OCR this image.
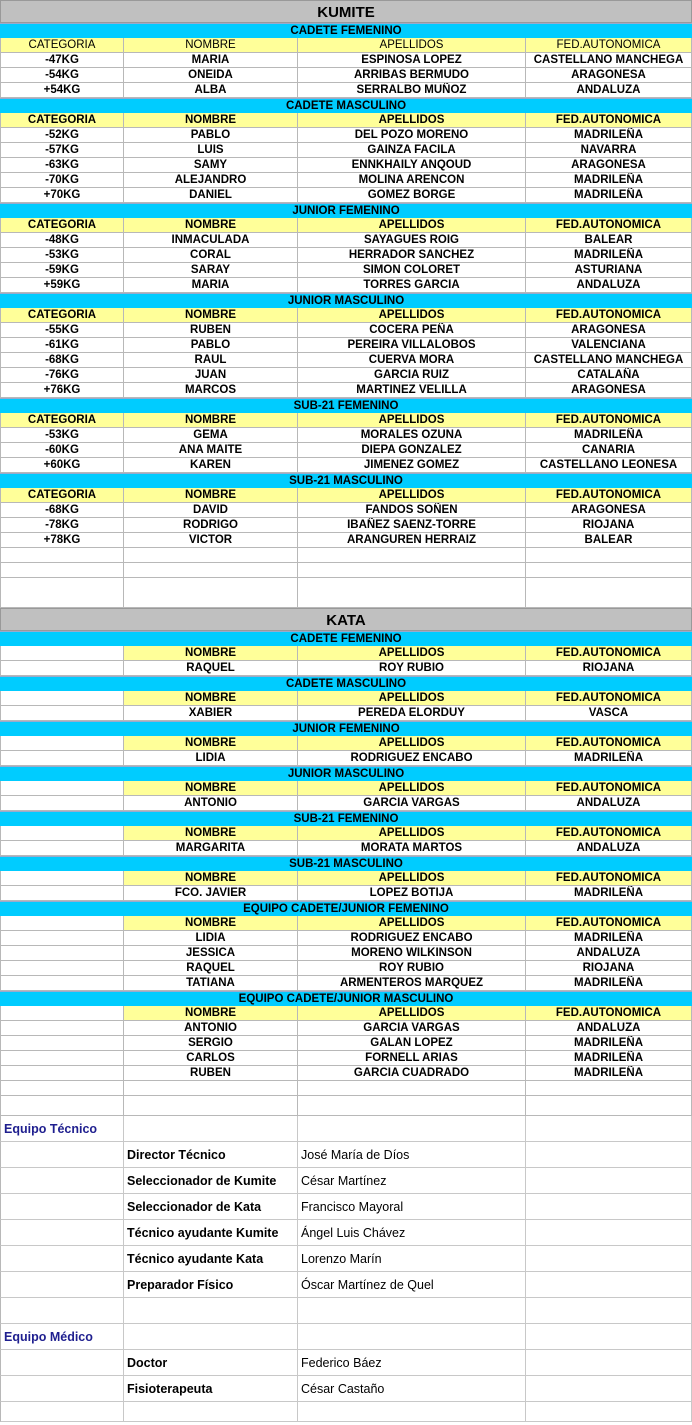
KUMITE
CADETE FEMENINO
CATEGORIA	NOMBRE	APELLIDOS	FED.AUTONOMICA
-47KG	MARIA	ESPINOSA LOPEZ	CASTELLANO MANCHEGA
-54KG	ONEIDA	ARRIBAS BERMUDO	ARAGONESA
+54KG	ALBA	SERRALBO MUÑOZ	ANDALUZA
CADETE MASCULINO
CATEGORIA	NOMBRE	APELLIDOS	FED.AUTONOMICA
-52KG	PABLO	DEL POZO MORENO	MADRILEÑA
-57KG	LUIS	GAINZA FACILA	NAVARRA
-63KG	SAMY	ENNKHAILY ANQOUD	ARAGONESA
-70KG	ALEJANDRO	MOLINA ARENCON	MADRILEÑA
+70KG	DANIEL	GOMEZ BORGE	MADRILEÑA
JUNIOR FEMENINO
CATEGORIA	NOMBRE	APELLIDOS	FED.AUTONOMICA
-48KG	INMACULADA	SAYAGUES ROIG	BALEAR
-53KG	CORAL	HERRADOR SANCHEZ	MADRILEÑA
-59KG	SARAY	SIMON COLORET	ASTURIANA
+59KG	MARIA	TORRES GARCIA	ANDALUZA
JUNIOR MASCULINO
CATEGORIA	NOMBRE	APELLIDOS	FED.AUTONOMICA
-55KG	RUBEN	COCERA PEÑA	ARAGONESA
-61KG	PABLO	PEREIRA VILLALOBOS	VALENCIANA
-68KG	RAUL	CUERVA MORA	CASTELLANO MANCHEGA
-76KG	JUAN	GARCIA RUIZ	CATALAÑA
+76KG	MARCOS	MARTINEZ VELILLA	ARAGONESA
SUB-21 FEMENINO
CATEGORIA	NOMBRE	APELLIDOS	FED.AUTONOMICA
-53KG	GEMA	MORALES OZUNA	MADRILEÑA
-60KG	ANA MAITE	DIEPA GONZALEZ	CANARIA
+60KG	KAREN	JIMENEZ GOMEZ	CASTELLANO LEONESA
SUB-21 MASCULINO
CATEGORIA	NOMBRE	APELLIDOS	FED.AUTONOMICA
-68KG	DAVID	FANDOS SOÑEN	ARAGONESA
-78KG	RODRIGO	IBAÑEZ SAENZ-TORRE	RIOJANA
+78KG	VICTOR	ARANGUREN HERRAIZ	BALEAR
KATA
CADETE FEMENINO
NOMBRE	APELLIDOS	FED.AUTONOMICA
RAQUEL	ROY RUBIO	RIOJANA
CADETE MASCULINO
NOMBRE	APELLIDOS	FED.AUTONOMICA
XABIER	PEREDA ELORDUY	VASCA
JUNIOR FEMENINO
NOMBRE	APELLIDOS	FED.AUTONOMICA
LIDIA	RODRIGUEZ ENCABO	MADRILEÑA
JUNIOR MASCULINO
NOMBRE	APELLIDOS	FED.AUTONOMICA
ANTONIO	GARCIA VARGAS	ANDALUZA
SUB-21 FEMENINO
NOMBRE	APELLIDOS	FED.AUTONOMICA
MARGARITA	MORATA MARTOS	ANDALUZA
SUB-21 MASCULINO
NOMBRE	APELLIDOS	FED.AUTONOMICA
FCO. JAVIER	LOPEZ BOTIJA	MADRILEÑA
EQUIPO CADETE/JUNIOR FEMENINO
NOMBRE	APELLIDOS	FED.AUTONOMICA
LIDIA	RODRIGUEZ ENCABO	MADRILEÑA
JESSICA	MORENO WILKINSON	ANDALUZA
RAQUEL	ROY RUBIO	RIOJANA
TATIANA	ARMENTEROS MARQUEZ	MADRILEÑA
EQUIPO CADETE/JUNIOR MASCULINO
NOMBRE	APELLIDOS	FED.AUTONOMICA
ANTONIO	GARCIA VARGAS	ANDALUZA
SERGIO	GALAN LOPEZ	MADRILEÑA
CARLOS	FORNELL ARIAS	MADRILEÑA
RUBEN	GARCIA CUADRADO	MADRILEÑA
Equipo Técnico
Director Técnico	José María de Díos
Seleccionador de Kumite	César Martínez
Seleccionador de Kata	Francisco Mayoral
Técnico ayudante Kumite	Ángel Luis Chávez
Técnico ayudante Kata	Lorenzo Marín
Preparador Físico	Óscar Martínez de Quel
Equipo Médico
Doctor	Federico Báez
Fisioterapeuta	César Castaño
